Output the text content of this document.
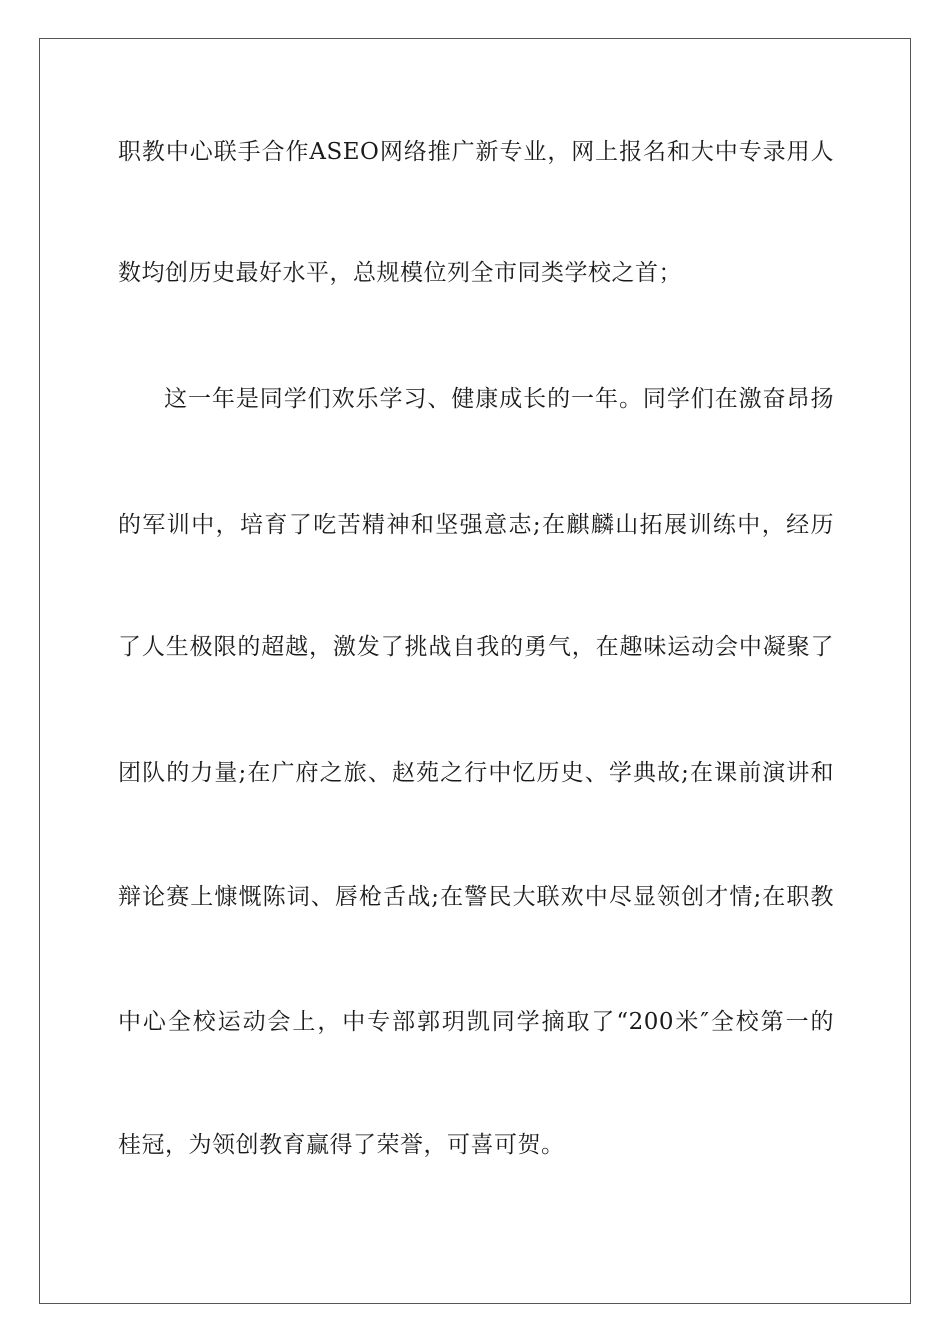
职教中心联手合作ASEO网络推广新专业，网上报名和大中专录用人
数均创历史最好水平，总规模位列全市同类学校之首；
这一年是同学们欢乐学习、健康成长的一年。同学们在激奋昂扬
的军训中，培育了吃苦精神和坚强意志;在麒麟山拓展训练中，经历
了人生极限的超越，激发了挑战自我的勇气，在趣味运动会中凝聚了
团队的力量;在广府之旅、赵苑之行中忆历史、学典故;在课前演讲和
辩论赛上慷慨陈词、唇枪舌战;在警民大联欢中尽显领创才情;在职教
中心全校运动会上，中专部郭玥凯同学摘取了“200米″全校第一的
桂冠，为领创教育赢得了荣誉，可喜可贺。
